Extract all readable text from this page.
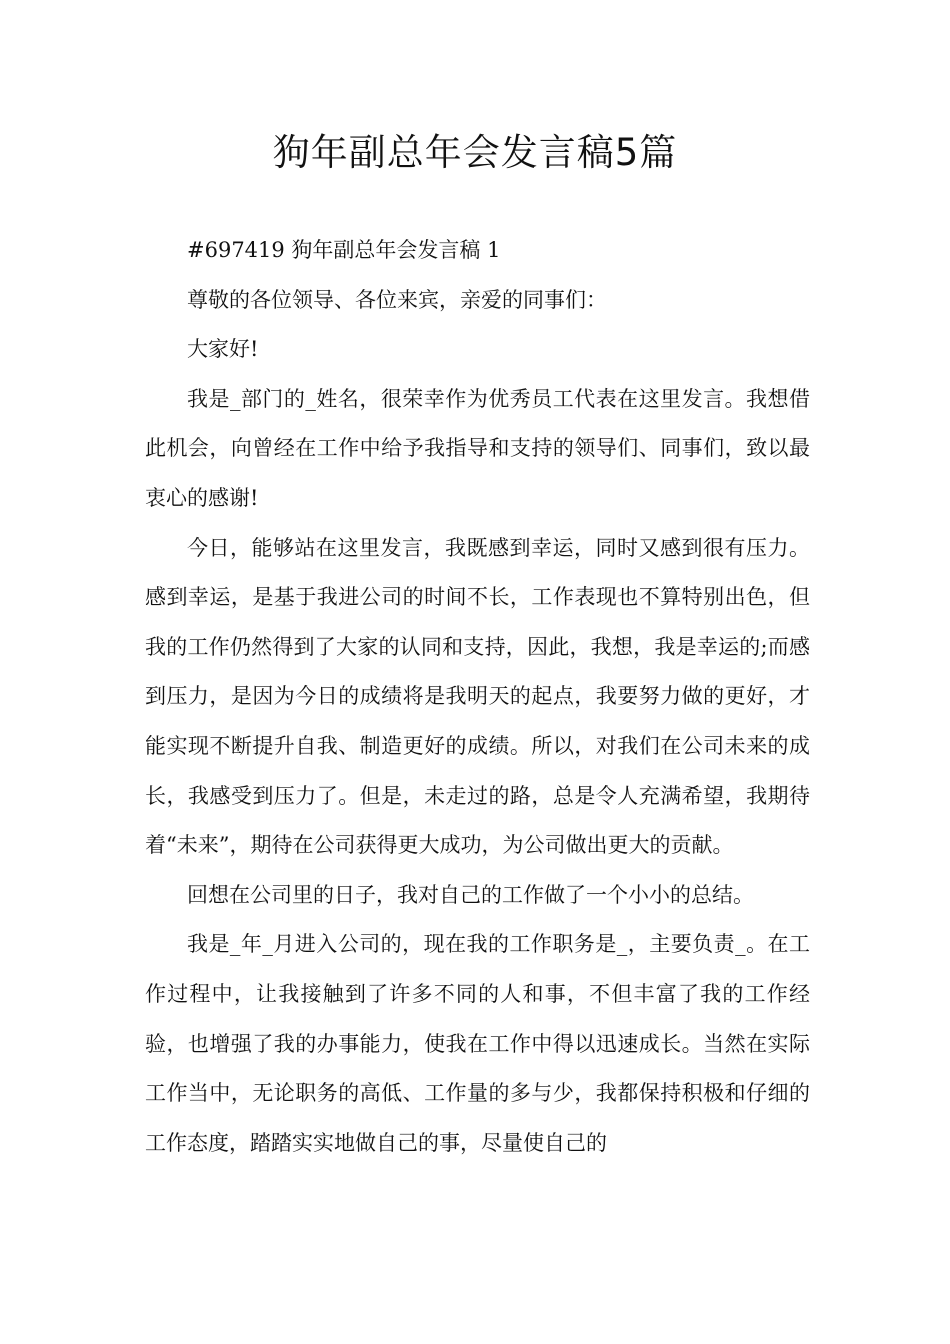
狗年副总年会发言稿5篇

#697419 狗年副总年会发言稿 1

尊敬的各位领导、各位来宾，亲爱的同事们：

大家好!

我是_部门的_姓名，很荣幸作为优秀员工代表在这里发言。我想借此机会，向曾经在工作中给予我指导和支持的领导们、同事们，致以最衷心的感谢!

今日，能够站在这里发言，我既感到幸运，同时又感到很有压力。感到幸运，是基于我进公司的时间不长，工作表现也不算特别出色，但我的工作仍然得到了大家的认同和支持，因此，我想，我是幸运的;而感到压力，是因为今日的成绩将是我明天的起点，我要努力做的更好，才能实现不断提升自我、制造更好的成绩。所以，对我们在公司未来的成长，我感受到压力了。但是，未走过的路，总是令人充满希望，我期待着“未来”，期待在公司获得更大成功，为公司做出更大的贡献。

回想在公司里的日子，我对自己的工作做了一个小小的总结。

我是_年_月进入公司的，现在我的工作职务是_，主要负责_。在工作过程中，让我接触到了许多不同的人和事，不但丰富了我的工作经验，也增强了我的办事能力，使我在工作中得以迅速成长。当然在实际工作当中，无论职务的高低、工作量的多与少，我都保持积极和仔细的工作态度，踏踏实实地做自己的事，尽量使自己的
